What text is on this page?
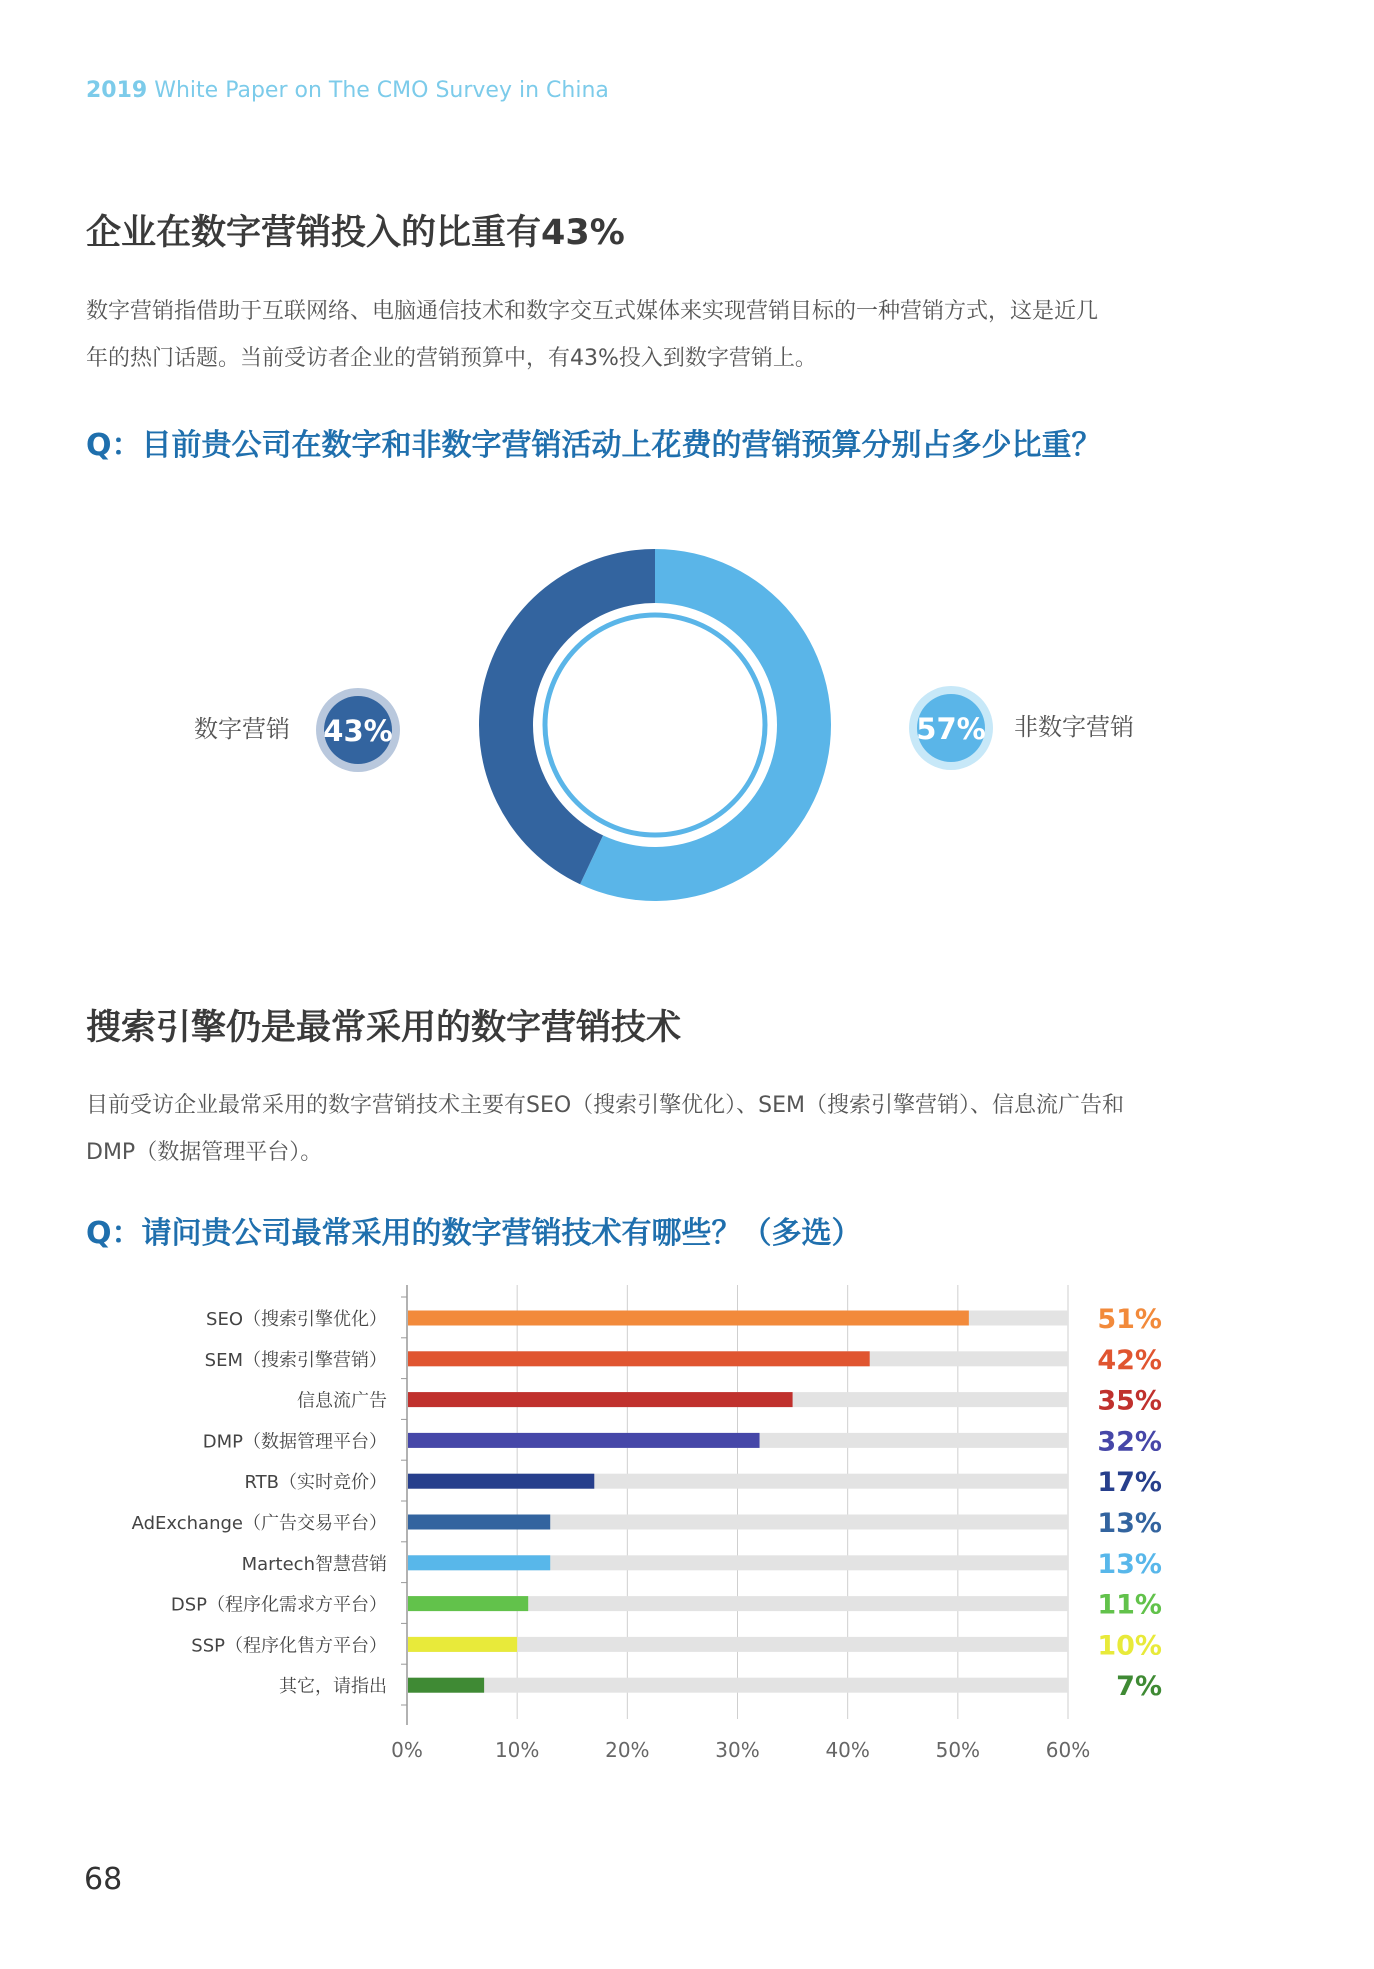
2019 White Paper on The CMO Survey in China
企业在数字营销投入的比重有43%
数字营销指借助于互联网络、电脑通信技术和数字交互式媒体来实现营销目标的一种营销方式，这是近几
年的热门话题。当前受访者企业的营销预算中，有43%投入到数字营销上。
Q：目前贵公司在数字和非数字营销活动上花费的营销预算分别占多少比重？
数字营销 43%	57% 非数字营销
搜索引擎仍是最常采用的数字营销技术
目前受访企业最常采用的数字营销技术主要有SEO（搜索引擎优化）、SEM（搜索引擎营销）、信息流广告和
DMP（数据管理平台）。
Q：请问贵公司最常采用的数字营销技术有哪些？（多选）
SEO（搜索引擎优化）	51%
SEM（搜索引擎营销）	42%
信息流广告	35%
DMP（数据管理平台）	32%
RTB（实时竞价）	17%
AdExchange（广告交易平台）	13%
Martech智慧营销	13%
DSP（程序化需求方平台）	11%
SSP（程序化售方平台）	10%
其它，请指出	7%
0%	10%	20%	30%	40%	50%	60%
68
